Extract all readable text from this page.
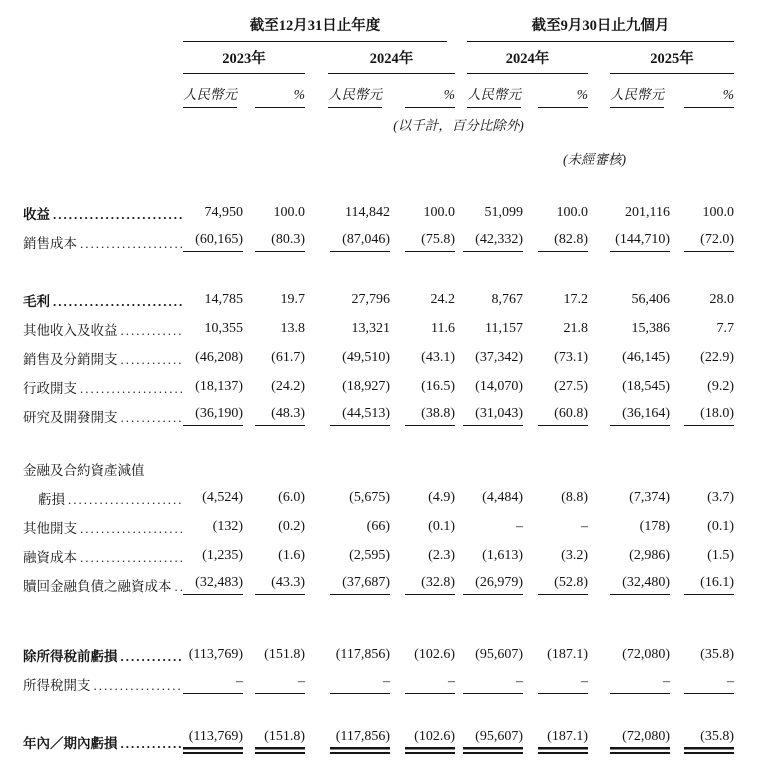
	截至12月31日止年度				截至9月30日止九個月			

	2023年		2024年		2024年		2025年	

	人民幣元	%	人民幣元	%	人民幣元	%	人民幣元	%
	(以千計，百分比除外)							
					(未經審核)			

收益
.....	74,950	100.0	114,842	100.0	51,099	100.0	201,116	100.0

銷售成本
.....	(60,165)	(80.3)	(87,046)	(75.8)	(42,332)	(82.8)	(144,710)	(72.0)

毛利
.....	14,785	19.7	27,796	24.2	8,767	17.2	56,406	28.0

其他收入及收益
.....	10,355	13.8	13,321	11.6	11,157	21.8	15,386	7.7

銷售及分銷開支
.....	(46,208)	(61.7)	(49,510)	(43.1)	(37,342)	(73.1)	(46,145)	(22.9)

行政開支
.....	(18,137)	(24.2)	(18,927)	(16.5)	(14,070)	(27.5)	(18,545)	(9.2)

研究及開發開支
.....	(36,190)	(48.3)	(44,513)	(38.8)	(31,043)	(60.8)	(36,164)	(18.0)

金融及合約資產減值								

虧損
.....	(4,524)	(6.0)	(5,675)	(4.9)	(4,484)	(8.8)	(7,374)	(3.7)

其他開支
.....	(132)	(0.2)	(66)	(0.1)	–	–	(178)	(0.1)

融資成本
.....	(1,235)	(1.6)	(2,595)	(2.3)	(1,613)	(3.2)	(2,986)	(1.5)

贖回金融負債之融資成本
.....	(32,483)	(43.3)	(37,687)	(32.8)	(26,979)	(52.8)	(32,480)	(16.1)

除所得稅前虧損
.....	(113,769)	(151.8)	(117,856)	(102.6)	(95,607)	(187.1)	(72,080)	(35.8)

所得稅開支
.....	–	–	–	–	–	–	–	–

年內／期內虧損
.....	(113,769)	(151.8)	(117,856)	(102.6)	(95,607)	(187.1)	(72,080)	(35.8)
